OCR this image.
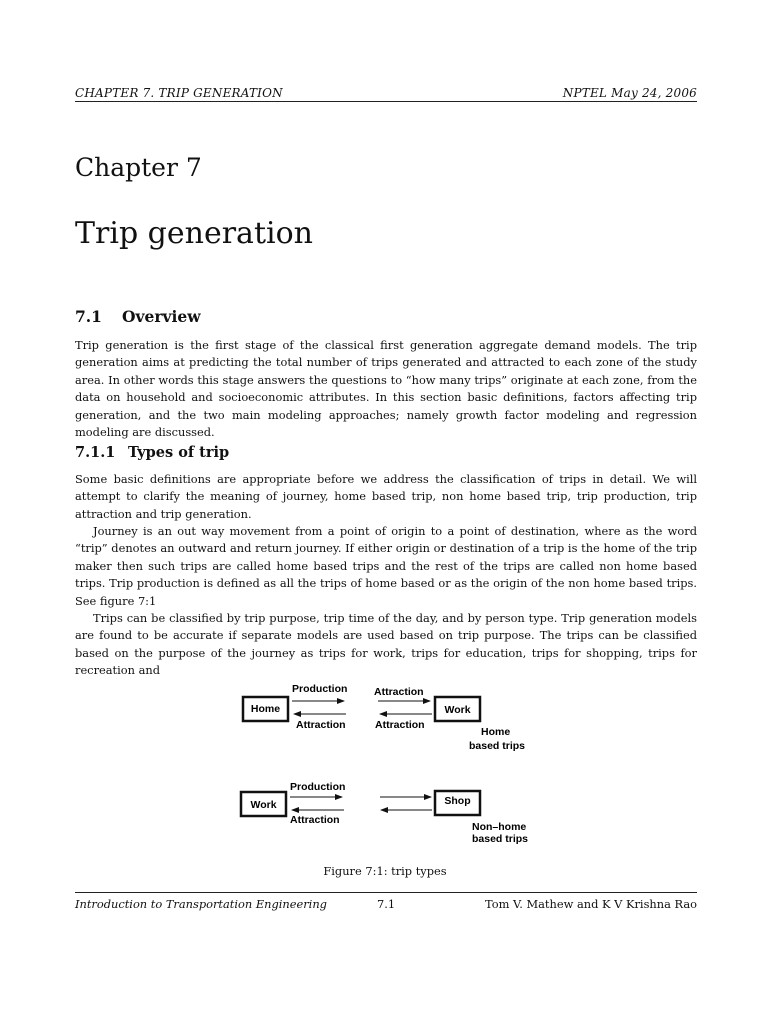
CHAPTER 7. TRIP GENERATION	NPTEL May 24, 2006
Chapter 7
Trip generation
7.1 Overview

Trip generation is the first stage of the classical first generation aggregate demand models. The trip generation aims at predicting the total number of trips generated and attracted to each zone of the study area. In other words this stage answers the questions to “how many trips” originate at each zone, from the data on household and socioeconomic attributes. In this section basic definitions, factors affecting trip generation, and the two main modeling approaches; namely growth factor modeling and regression modeling are discussed.

7.1.1 Types of trip

Some basic definitions are appropriate before we address the classification of trips in detail. We will attempt to clarify the meaning of journey, home based trip, non home based trip, trip production, trip attraction and trip generation.

Journey is an out way movement from a point of origin to a point of destination, where as the word “trip” denotes an outward and return journey. If either origin or destination of a trip is the home of the trip maker then such trips are called home based trips and the rest of the trips are called non home based trips. Trip production is defined as all the trips of home based or as the origin of the non home based trips. See figure 7:1

Trips can be classified by trip purpose, trip time of the day, and by person type. Trip generation models are found to be accurate if separate models are used based on trip purpose. The trips can be classified based on the purpose of the journey as trips for work, trips for education, trips for shopping, trips for recreation and

Home	Work
Production
Attraction
Attraction
Attraction
Home
based trips
Work	Shop
Production
Attraction
Non–home
based trips
Figure 7:1: trip types
Introduction to Transportation Engineering	7.1	Tom V. Mathew and K V Krishna Rao
